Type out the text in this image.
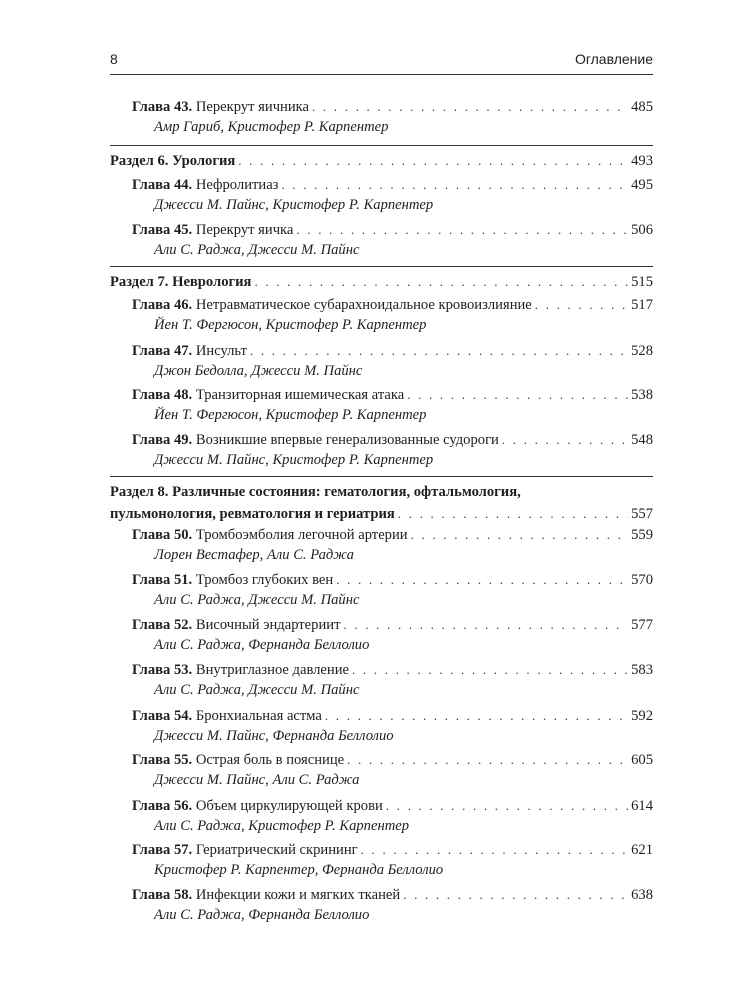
8	Оглавление
Глава 43. Перекрут яичника . . .	485
Амр Гариб, Кристофер Р. Карпентер
Раздел 6. Урология . . .	493
Глава 44. Нефролитиаз . . .	495
Джесси М. Пайнс, Кристофер Р. Карпентер
Глава 45. Перекрут яичка . . .	506
Али С. Раджа, Джесси М. Пайнс
Раздел 7. Неврология . . .	515
Глава 46. Нетравматическое субарахноидальное кровоизлияние . . .	517
Йен Т. Фергюсон, Кристофер Р. Карпентер
Глава 47. Инсульт . . .	528
Джон Бедолла, Джесси М. Пайнс
Глава 48. Транзиторная ишемическая атака . . .	538
Йен Т. Фергюсон, Кристофер Р. Карпентер
Глава 49. Возникшие впервые генерализованные судороги . . .	548
Джесси М. Пайнс, Кристофер Р. Карпентер
Раздел 8. Различные состояния: гематология, офтальмология,
пульмонология, ревматология и гериатрия . . .	557
Глава 50. Тромбоэмболия легочной артерии . . .	559
Лорен Вестафер, Али С. Раджа
Глава 51. Тромбоз глубоких вен . . .	570
Али С. Раджа, Джесси М. Пайнс
Глава 52. Височный эндартериит . . .	577
Али С. Раджа, Фернанда Беллолио
Глава 53. Внутриглазное давление . . .	583
Али С. Раджа, Джесси М. Пайнс
Глава 54. Бронхиальная астма . . .	592
Джесси М. Пайнс, Фернанда Беллолио
Глава 55. Острая боль в пояснице . . .	605
Джесси М. Пайнс, Али С. Раджа
Глава 56. Объем циркулирующей крови . . .	614
Али С. Раджа, Кристофер Р. Карпентер
Глава 57. Гериатрический скрининг . . .	621
Кристофер Р. Карпентер, Фернанда Беллолио
Глава 58. Инфекции кожи и мягких тканей . . .	638
Али С. Раджа, Фернанда Беллолио
